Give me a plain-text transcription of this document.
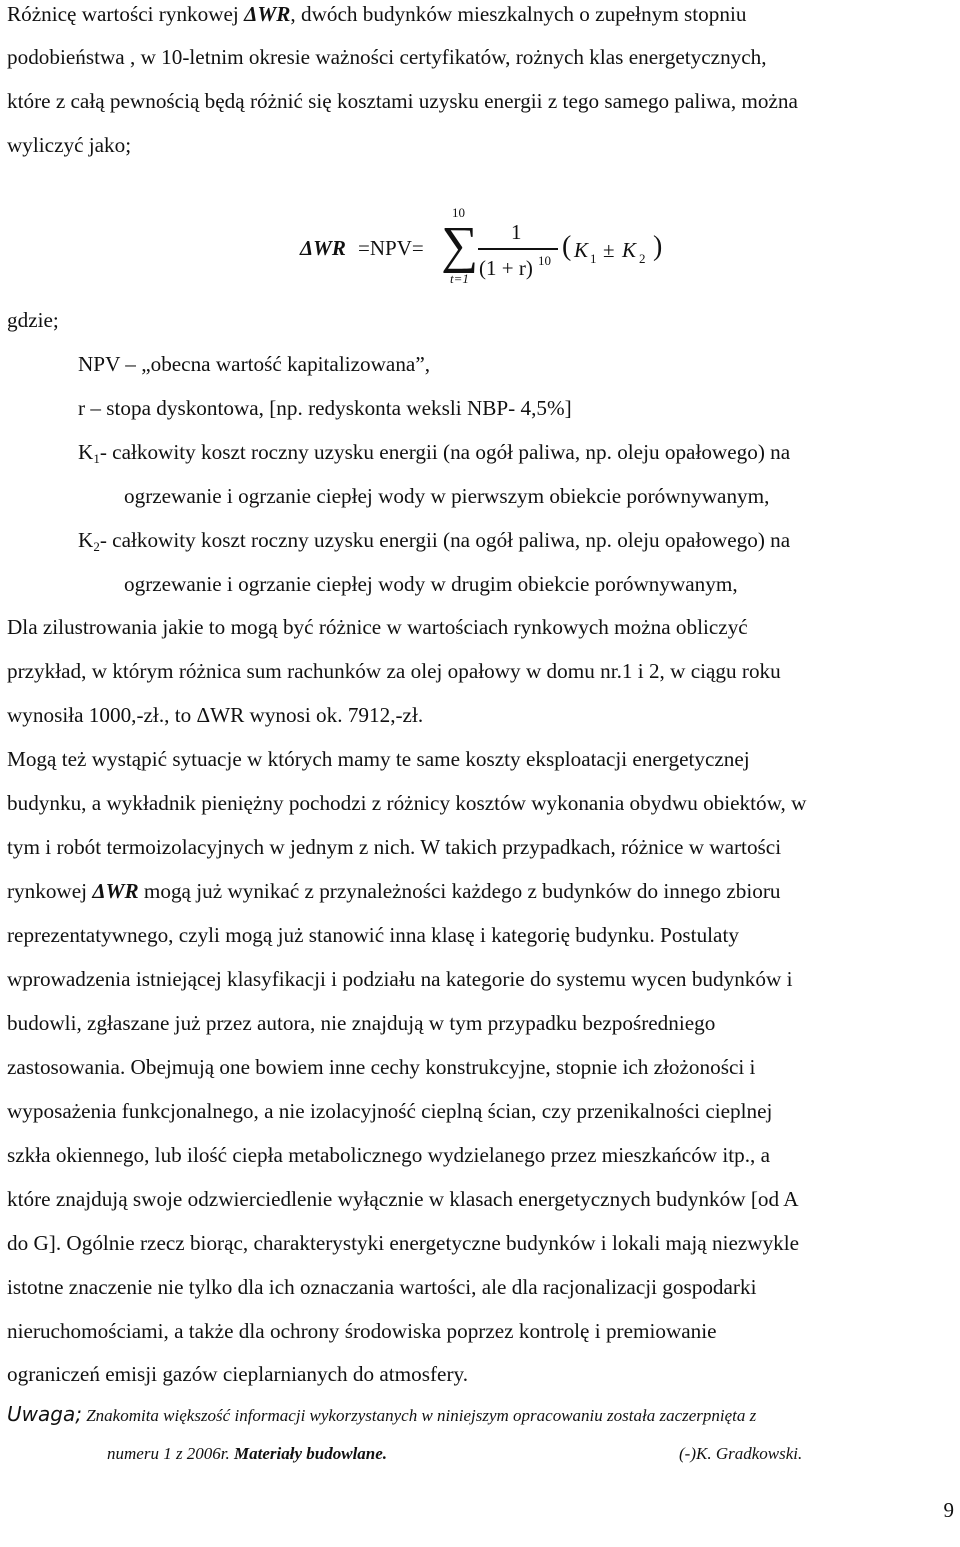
Różnicę wartości rynkowej ΔWR, dwóch budynków mieszkalnych o zupełnym stopniu
podobieństwa , w 10-letnim okresie ważności certyfikatów, rożnych klas energetycznych,
które z całą pewnością będą różnić się kosztami uzysku energii z tego samego paliwa, można
wyliczyć jako;
ΔWR =NPV=
10
∑
t=1
1
(1 + r) 10 ( K 1 ± K 2 )
gdzie;
NPV – „obecna wartość kapitalizowana”,
r – stopa dyskontowa, [np. redyskonta weksli NBP- 4,5%]
$K_1-$ całkowity koszt roczny uzysku energii (na ogół paliwa, np. oleju opałowego) na
ogrzewanie i ogrzanie ciepłej wody w pierwszym obiekcie porównywanym,
$K_2-$ całkowity koszt roczny uzysku energii (na ogół paliwa, np. oleju opałowego) na
ogrzewanie i ogrzanie ciepłej wody w drugim obiekcie porównywanym,
Dla zilustrowania jakie to mogą być różnice w wartościach rynkowych można obliczyć
przykład, w którym różnica sum rachunków za olej opałowy w domu nr.1 i 2, w ciągu roku
wynosiła 1000,-zł., to ΔWR wynosi ok. 7912,-zł.
Mogą też wystąpić sytuacje w których mamy te same koszty eksploatacji energetycznej
budynku, a wykładnik pieniężny pochodzi z różnicy kosztów wykonania obydwu obiektów, w
tym i robót termoizolacyjnych w jednym z nich. W takich przypadkach, różnice w wartości
rynkowej ΔWR mogą już wynikać z przynależności każdego z budynków do innego zbioru
reprezentatywnego, czyli mogą już stanowić inna klasę i kategorię budynku. Postulaty
wprowadzenia istniejącej klasyfikacji i podziału na kategorie do systemu wycen budynków i
budowli, zgłaszane już przez autora, nie znajdują w tym przypadku bezpośredniego
zastosowania. Obejmują one bowiem inne cechy konstrukcyjne, stopnie ich złożoności i
wyposażenia funkcjonalnego, a nie izolacyjność cieplną ścian, czy przenikalności cieplnej
szkła okiennego, lub ilość ciepła metabolicznego wydzielanego przez mieszkańców itp., a
które znajdują swoje odzwierciedlenie wyłącznie w klasach energetycznych budynków [od A
do G]. Ogólnie rzecz biorąc, charakterystyki energetyczne budynków i lokali mają niezwykle
istotne znaczenie nie tylko dla ich oznaczania wartości, ale dla racjonalizacji gospodarki
nieruchomościami, a także dla ochrony środowiska poprzez kontrolę i premiowanie
ograniczeń emisji gazów cieplarnianych do atmosfery.
Uwaga; Znakomita większość informacji wykorzystanych w niniejszym opracowaniu została zaczerpnięta z
numeru 1 z 2006r. Materiały budowlane.	(-)K. Gradkowski.
9
